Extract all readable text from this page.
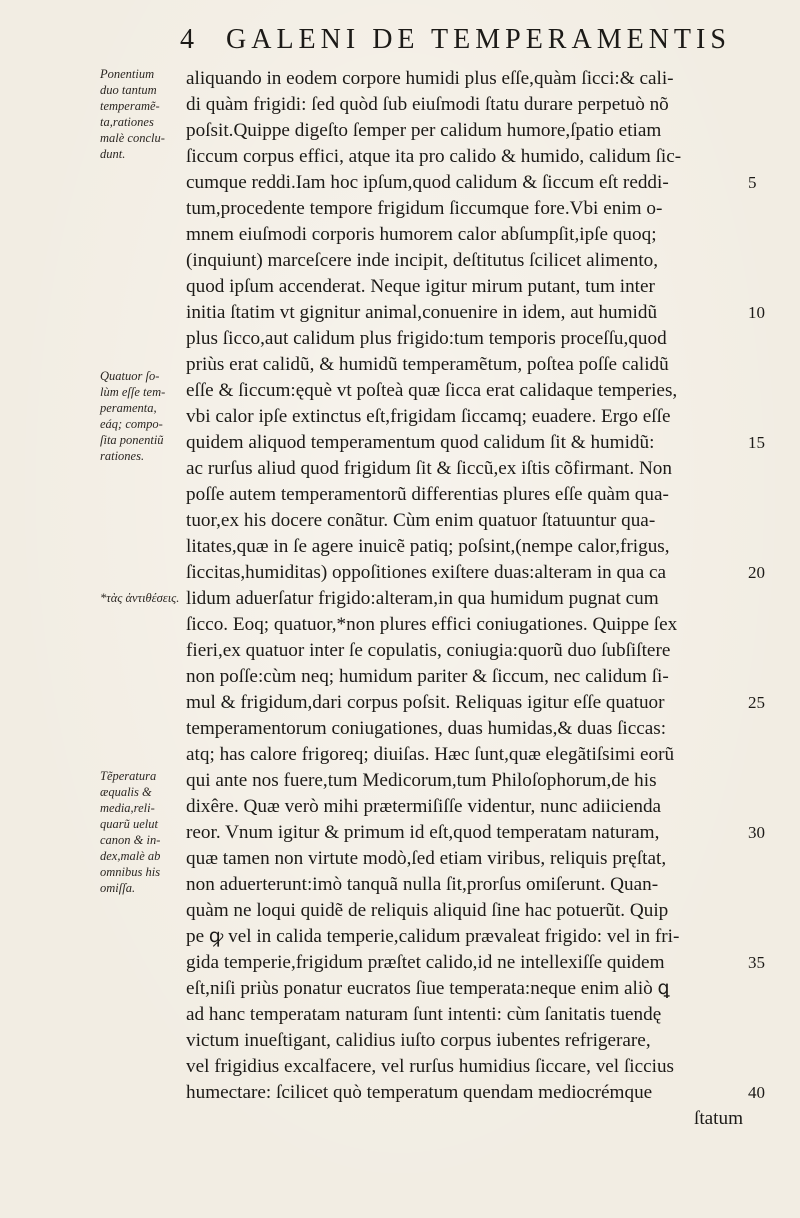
4 GALENI DE TEMPERAMENTIS
Ponentium
duo tantum
temperamẽ-
ta,rationes
malè conclu-
dunt.
Quatuor ſo-
lùm eſſe tem-
peramenta,
eáq; compo-
ſita ponentiũ
rationes.
*τὰς ἀντιθέσεις.
Tẽperatura
æqualis &
media,reli-
quarũ uelut
canon & in-
dex,malè ab
omnibus his
omiſſa.
aliquando in eodem corpore humidi plus eſſe,quàm ſicci:& cali-
di quàm frigidi: ſed quòd ſub eiuſmodi ſtatu durare perpetuò nõ
poſsit.Quippe digeſto ſemper per calidum humore,ſpatio etiam
ſiccum corpus effici, atque ita pro calido & humido, calidum ſic-
cumque reddi.Iam hoc ipſum,quod calidum & ſiccum eſt reddi-
tum,procedente tempore frigidum ſiccumque fore.Vbi enim o-
mnem eiuſmodi corporis humorem calor abſumpſit,ipſe quoq;
(inquiunt) marceſcere inde incipit, deſtitutus ſcilicet alimento,
quod ipſum accenderat. Neque igitur mirum putant, tum inter
initia ſtatim vt gignitur animal,conuenire in idem, aut humidũ
plus ſicco,aut calidum plus frigido:tum temporis proceſſu,quod
priùs erat calidũ, & humidũ temperamẽtum, poſtea poſſe calidũ
eſſe & ſiccum:ęquè vt poſteà quæ ſicca erat calidaque temperies,
vbi calor ipſe extinctus eſt,frigidam ſiccamq; euadere. Ergo eſſe
quidem aliquod temperamentum quod calidum ſit & humidũ:
ac rurſus aliud quod frigidum ſit & ſiccũ,ex iſtis cõfirmant. Non
poſſe autem temperamentorũ differentias plures eſſe quàm qua-
tuor,ex his docere conãtur. Cùm enim quatuor ſtatuuntur qua-
litates,quæ in ſe agere inuicẽ patiq; poſsint,(nempe calor,frigus,
ſiccitas,humiditas) oppoſitiones exiſtere duas:alteram in qua ca
lidum aduerſatur frigido:alteram,in qua humidum pugnat cum
ſicco. Eoq; quatuor,*non plures effici coniugationes. Quippe ſex
fieri,ex quatuor inter ſe copulatis, coniugia:quorũ duo ſubſiſtere
non poſſe:cùm neq; humidum pariter & ſiccum, nec calidum ſi-
mul & frigidum,dari corpus poſsit. Reliquas igitur eſſe quatuor
temperamentorum coniugationes, duas humidas,& duas ſiccas:
atq; has calore frigoreq; diuiſas. Hæc ſunt,quæ elegãtiſsimi eorũ
qui ante nos fuere,tum Medicorum,tum Philoſophorum,de his
dixêre. Quæ verò mihi prætermiſiſſe videntur, nunc adiicienda
reor. Vnum igitur & primum id eſt,quod temperatam naturam,
quæ tamen non virtute modò,ſed etiam viribus, reliquis pręſtat,
non aduerterunt:imò tanquã nulla ſit,prorſus omiſerunt. Quan-
quàm ne loqui quidẽ de reliquis aliquid ſine hac potuerũt. Quip
pe ꝙ vel in calida temperie,calidum prævaleat frigido: vel in fri-
gida temperie,frigidum præſtet calido,id ne intellexiſſe quidem
eſt,niſi priùs ponatur eucratos ſiue temperata:neque enim aliò ꝗ
ad hanc temperatam naturam ſunt intenti: cùm ſanitatis tuendę
victum inueſtigant, calidius iuſto corpus iubentes refrigerare,
vel frigidius excalfacere, vel rurſus humidius ſiccare, vel ſiccius
humectare: ſcilicet quò temperatum quendam mediocrémque
ſtatum
5
10
15
20
25
30
35
40
